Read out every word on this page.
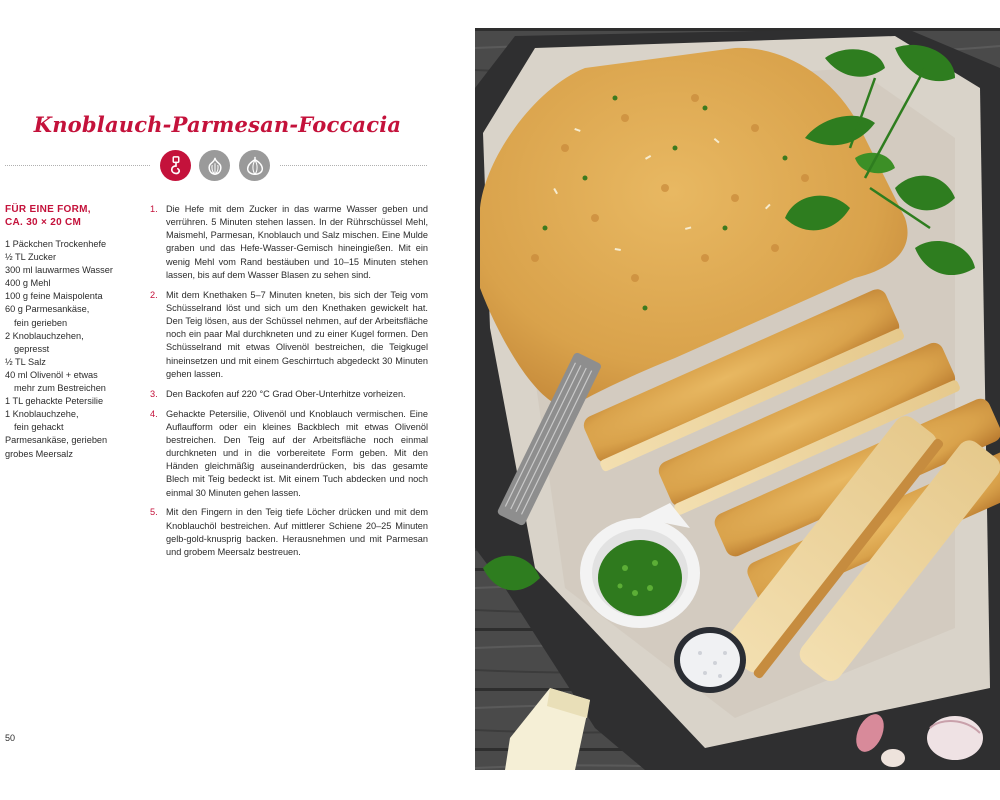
Knoblauch-Parmesan-Foccacia
FÜR EINE FORM,
CA. 30 × 20 CM
1 Päckchen Trockenhefe
½ TL Zucker
300 ml lauwarmes Wasser
400 g Mehl
100 g feine Maispolenta
60 g Parmesankäse,
fein gerieben
2 Knoblauchzehen,
gepresst
½ TL Salz
40 ml Olivenöl + etwas
mehr zum Bestreichen
1 TL gehackte Petersilie
1 Knoblauchzehe,
fein gehackt
Parmesankäse, gerieben
grobes Meersalz
1. Die Hefe mit dem Zucker in das warme Wasser geben und verrühren. 5 Minuten stehen lassen. In der Rührschüssel Mehl, Maismehl, Parmesan, Knoblauch und Salz mischen. Eine Mulde graben und das Hefe-Wasser-Gemisch hineingießen. Mit ein wenig Mehl vom Rand bestäuben und 10–15 Minuten stehen lassen, bis auf dem Wasser Blasen zu sehen sind.
2. Mit dem Knethaken 5–7 Minuten kneten, bis sich der Teig vom Schüsselrand löst und sich um den Knethaken gewickelt hat. Den Teig lösen, aus der Schüssel nehmen, auf der Arbeitsfläche noch ein paar Mal durchkneten und zu einer Kugel formen. Den Schüsselrand mit etwas Olivenöl bestreichen, die Teigkugel hineinsetzen und mit einem Geschirrtuch abgedeckt 30 Minuten gehen lassen.
3. Den Backofen auf 220 °C Grad Ober-Unterhitze vorheizen.
4. Gehackte Petersilie, Olivenöl und Knoblauch vermischen. Eine Auflaufform oder ein kleines Backblech mit etwas Olivenöl bestreichen. Den Teig auf der Arbeitsfläche noch einmal durchkneten und in die vorbereitete Form geben. Mit den Händen gleichmäßig auseinanderdrücken, bis das gesamte Blech mit Teig bedeckt ist. Mit einem Tuch abdecken und noch einmal 30 Minuten gehen lassen.
5. Mit den Fingern in den Teig tiefe Löcher drücken und mit dem Knoblauchöl bestreichen. Auf mittlerer Schiene 20–25 Minuten gelb-gold-knusprig backen. Herausnehmen und mit Parmesan und grobem Meersalz bestreuen.
50
